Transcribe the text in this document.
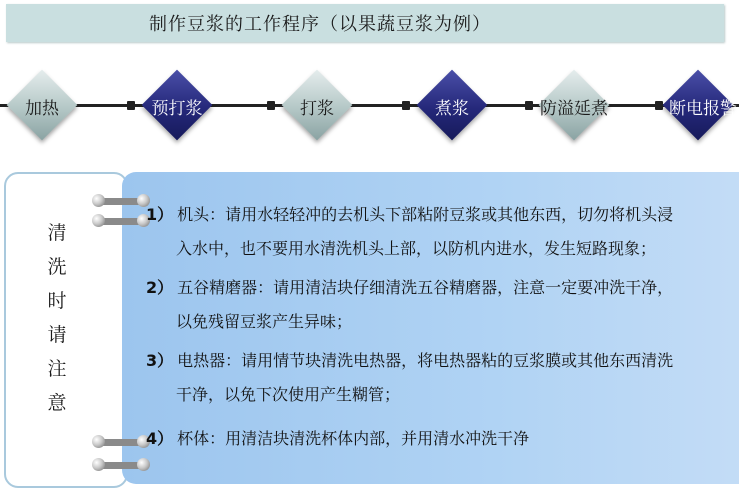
制作豆浆的工作程序（以果蔬豆浆为例）
加热	预打浆	打浆	煮浆	防溢延煮	断电报警
清
洗
时
请
注
意
1） 机头：请用水轻轻冲的去机头下部粘附豆浆或其他东西，切勿将机头浸
入水中，也不要用水清洗机头上部，以防机内进水，发生短路现象；
2） 五谷精磨器：请用清洁块仔细清洗五谷精磨器，注意一定要冲洗干净，
以免残留豆浆产生异味；
3） 电热器：请用情节块清洗电热器，将电热器粘的豆浆膜或其他东西清洗
干净，以免下次使用产生糊管；
4） 杯体：用清洁块清洗杯体内部，并用清水冲洗干净
